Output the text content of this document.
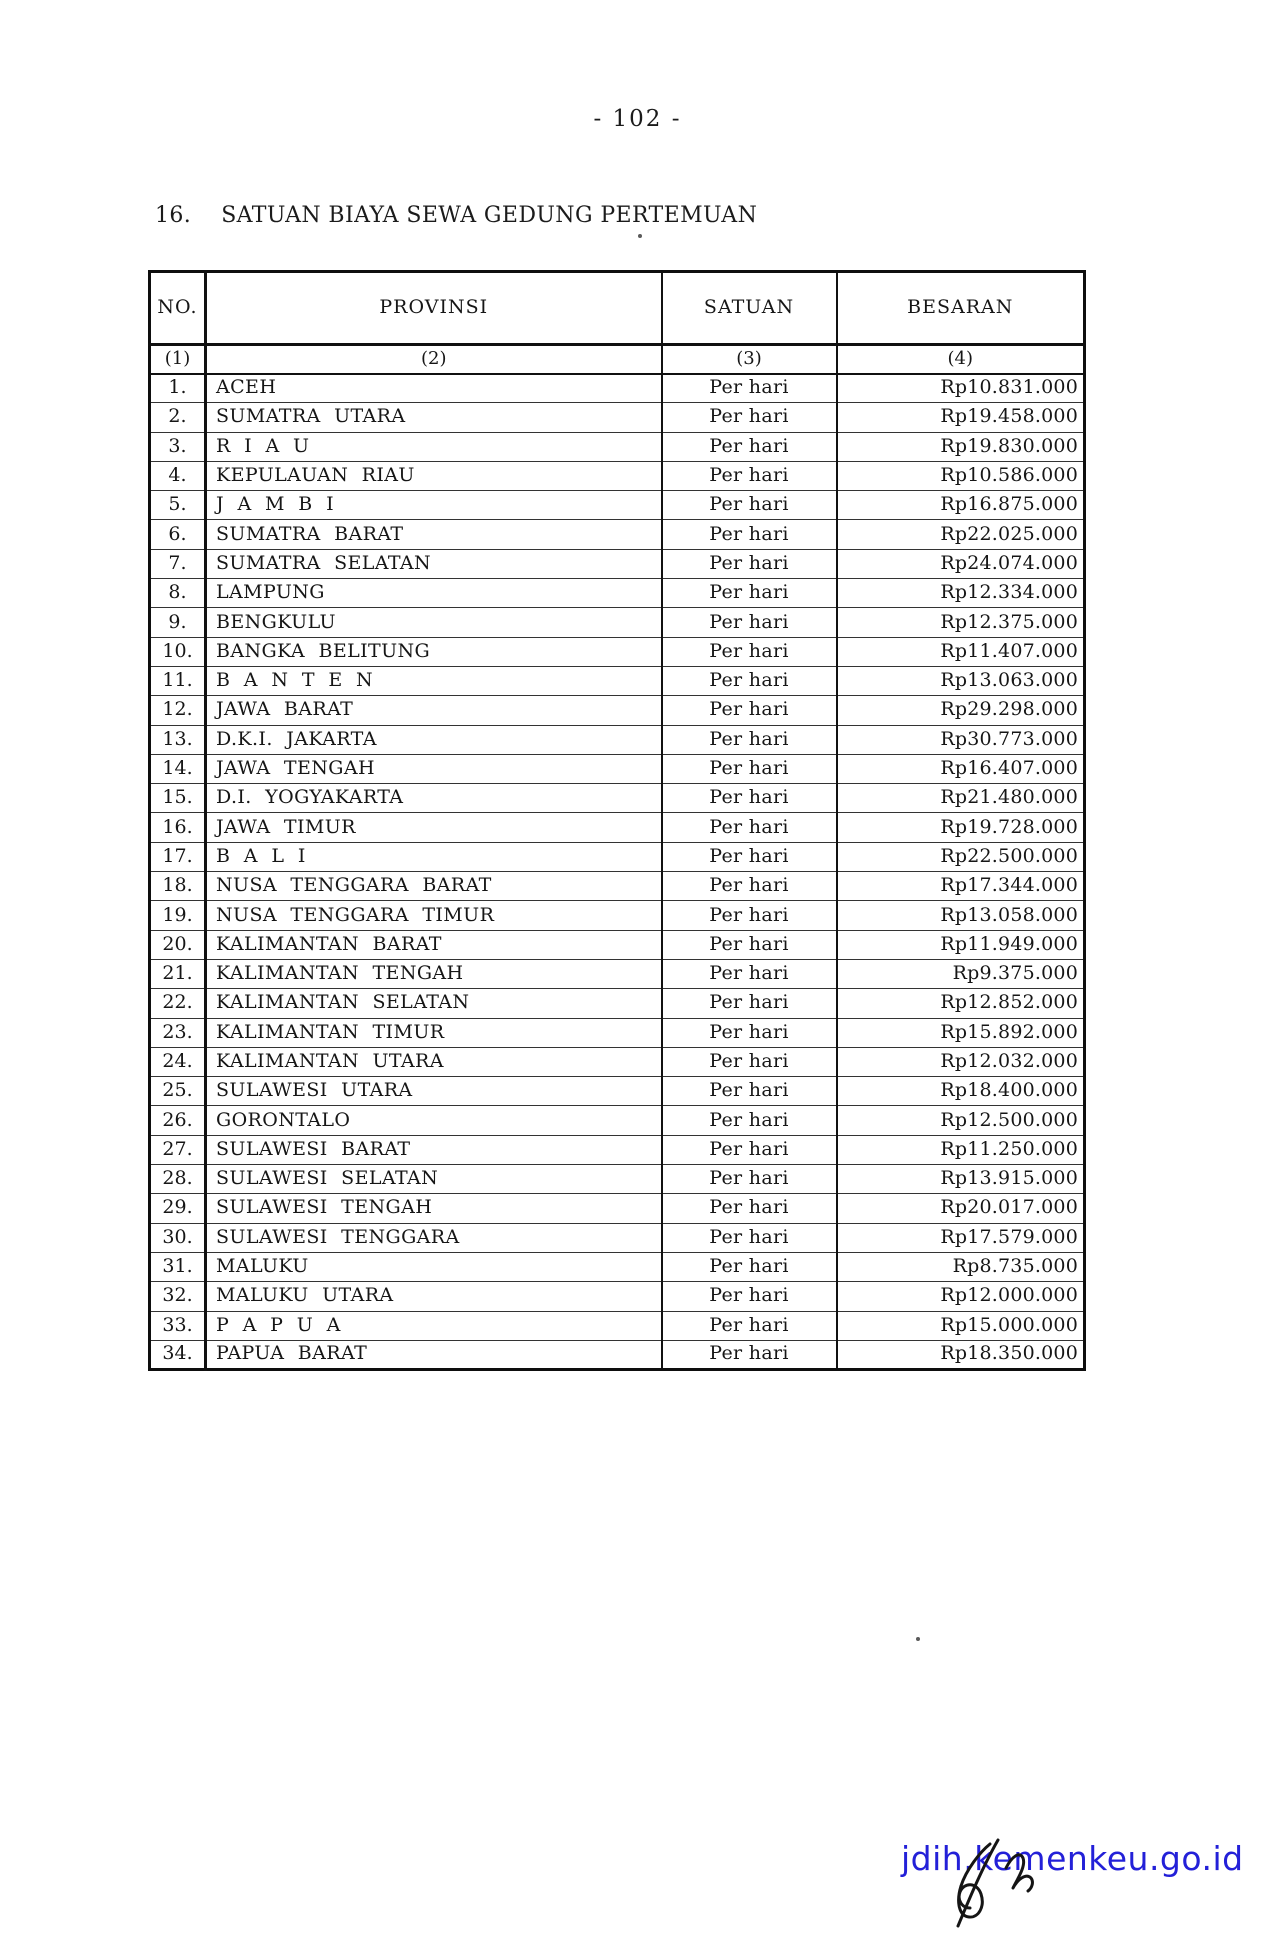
- 102 -
16. SATUAN BIAYA SEWA GEDUNG PERTEMUAN
NO.	PROVINSI	SATUAN	BESARAN
(1)	(2)	(3)	(4)
1.	ACEH	Per hari	Rp10.831.000
2.	SUMATRA UTARA	Per hari	Rp19.458.000
3.	R I A U	Per hari	Rp19.830.000
4.	KEPULAUAN RIAU	Per hari	Rp10.586.000
5.	J A M B I	Per hari	Rp16.875.000
6.	SUMATRA BARAT	Per hari	Rp22.025.000
7.	SUMATRA SELATAN	Per hari	Rp24.074.000
8.	LAMPUNG	Per hari	Rp12.334.000
9.	BENGKULU	Per hari	Rp12.375.000
10.	BANGKA BELITUNG	Per hari	Rp11.407.000
11.	B A N T E N	Per hari	Rp13.063.000
12.	JAWA BARAT	Per hari	Rp29.298.000
13.	D.K.I. JAKARTA	Per hari	Rp30.773.000
14.	JAWA TENGAH	Per hari	Rp16.407.000
15.	D.I. YOGYAKARTA	Per hari	Rp21.480.000
16.	JAWA TIMUR	Per hari	Rp19.728.000
17.	B A L I	Per hari	Rp22.500.000
18.	NUSA TENGGARA BARAT	Per hari	Rp17.344.000
19.	NUSA TENGGARA TIMUR	Per hari	Rp13.058.000
20.	KALIMANTAN BARAT	Per hari	Rp11.949.000
21.	KALIMANTAN TENGAH	Per hari	Rp9.375.000
22.	KALIMANTAN SELATAN	Per hari	Rp12.852.000
23.	KALIMANTAN TIMUR	Per hari	Rp15.892.000
24.	KALIMANTAN UTARA	Per hari	Rp12.032.000
25.	SULAWESI UTARA	Per hari	Rp18.400.000
26.	GORONTALO	Per hari	Rp12.500.000
27.	SULAWESI BARAT	Per hari	Rp11.250.000
28.	SULAWESI SELATAN	Per hari	Rp13.915.000
29.	SULAWESI TENGAH	Per hari	Rp20.017.000
30.	SULAWESI TENGGARA	Per hari	Rp17.579.000
31.	MALUKU	Per hari	Rp8.735.000
32.	MALUKU UTARA	Per hari	Rp12.000.000
33.	P A P U A	Per hari	Rp15.000.000
34.	PAPUA BARAT	Per hari	Rp18.350.000
jdih.kemenkeu.go.id
